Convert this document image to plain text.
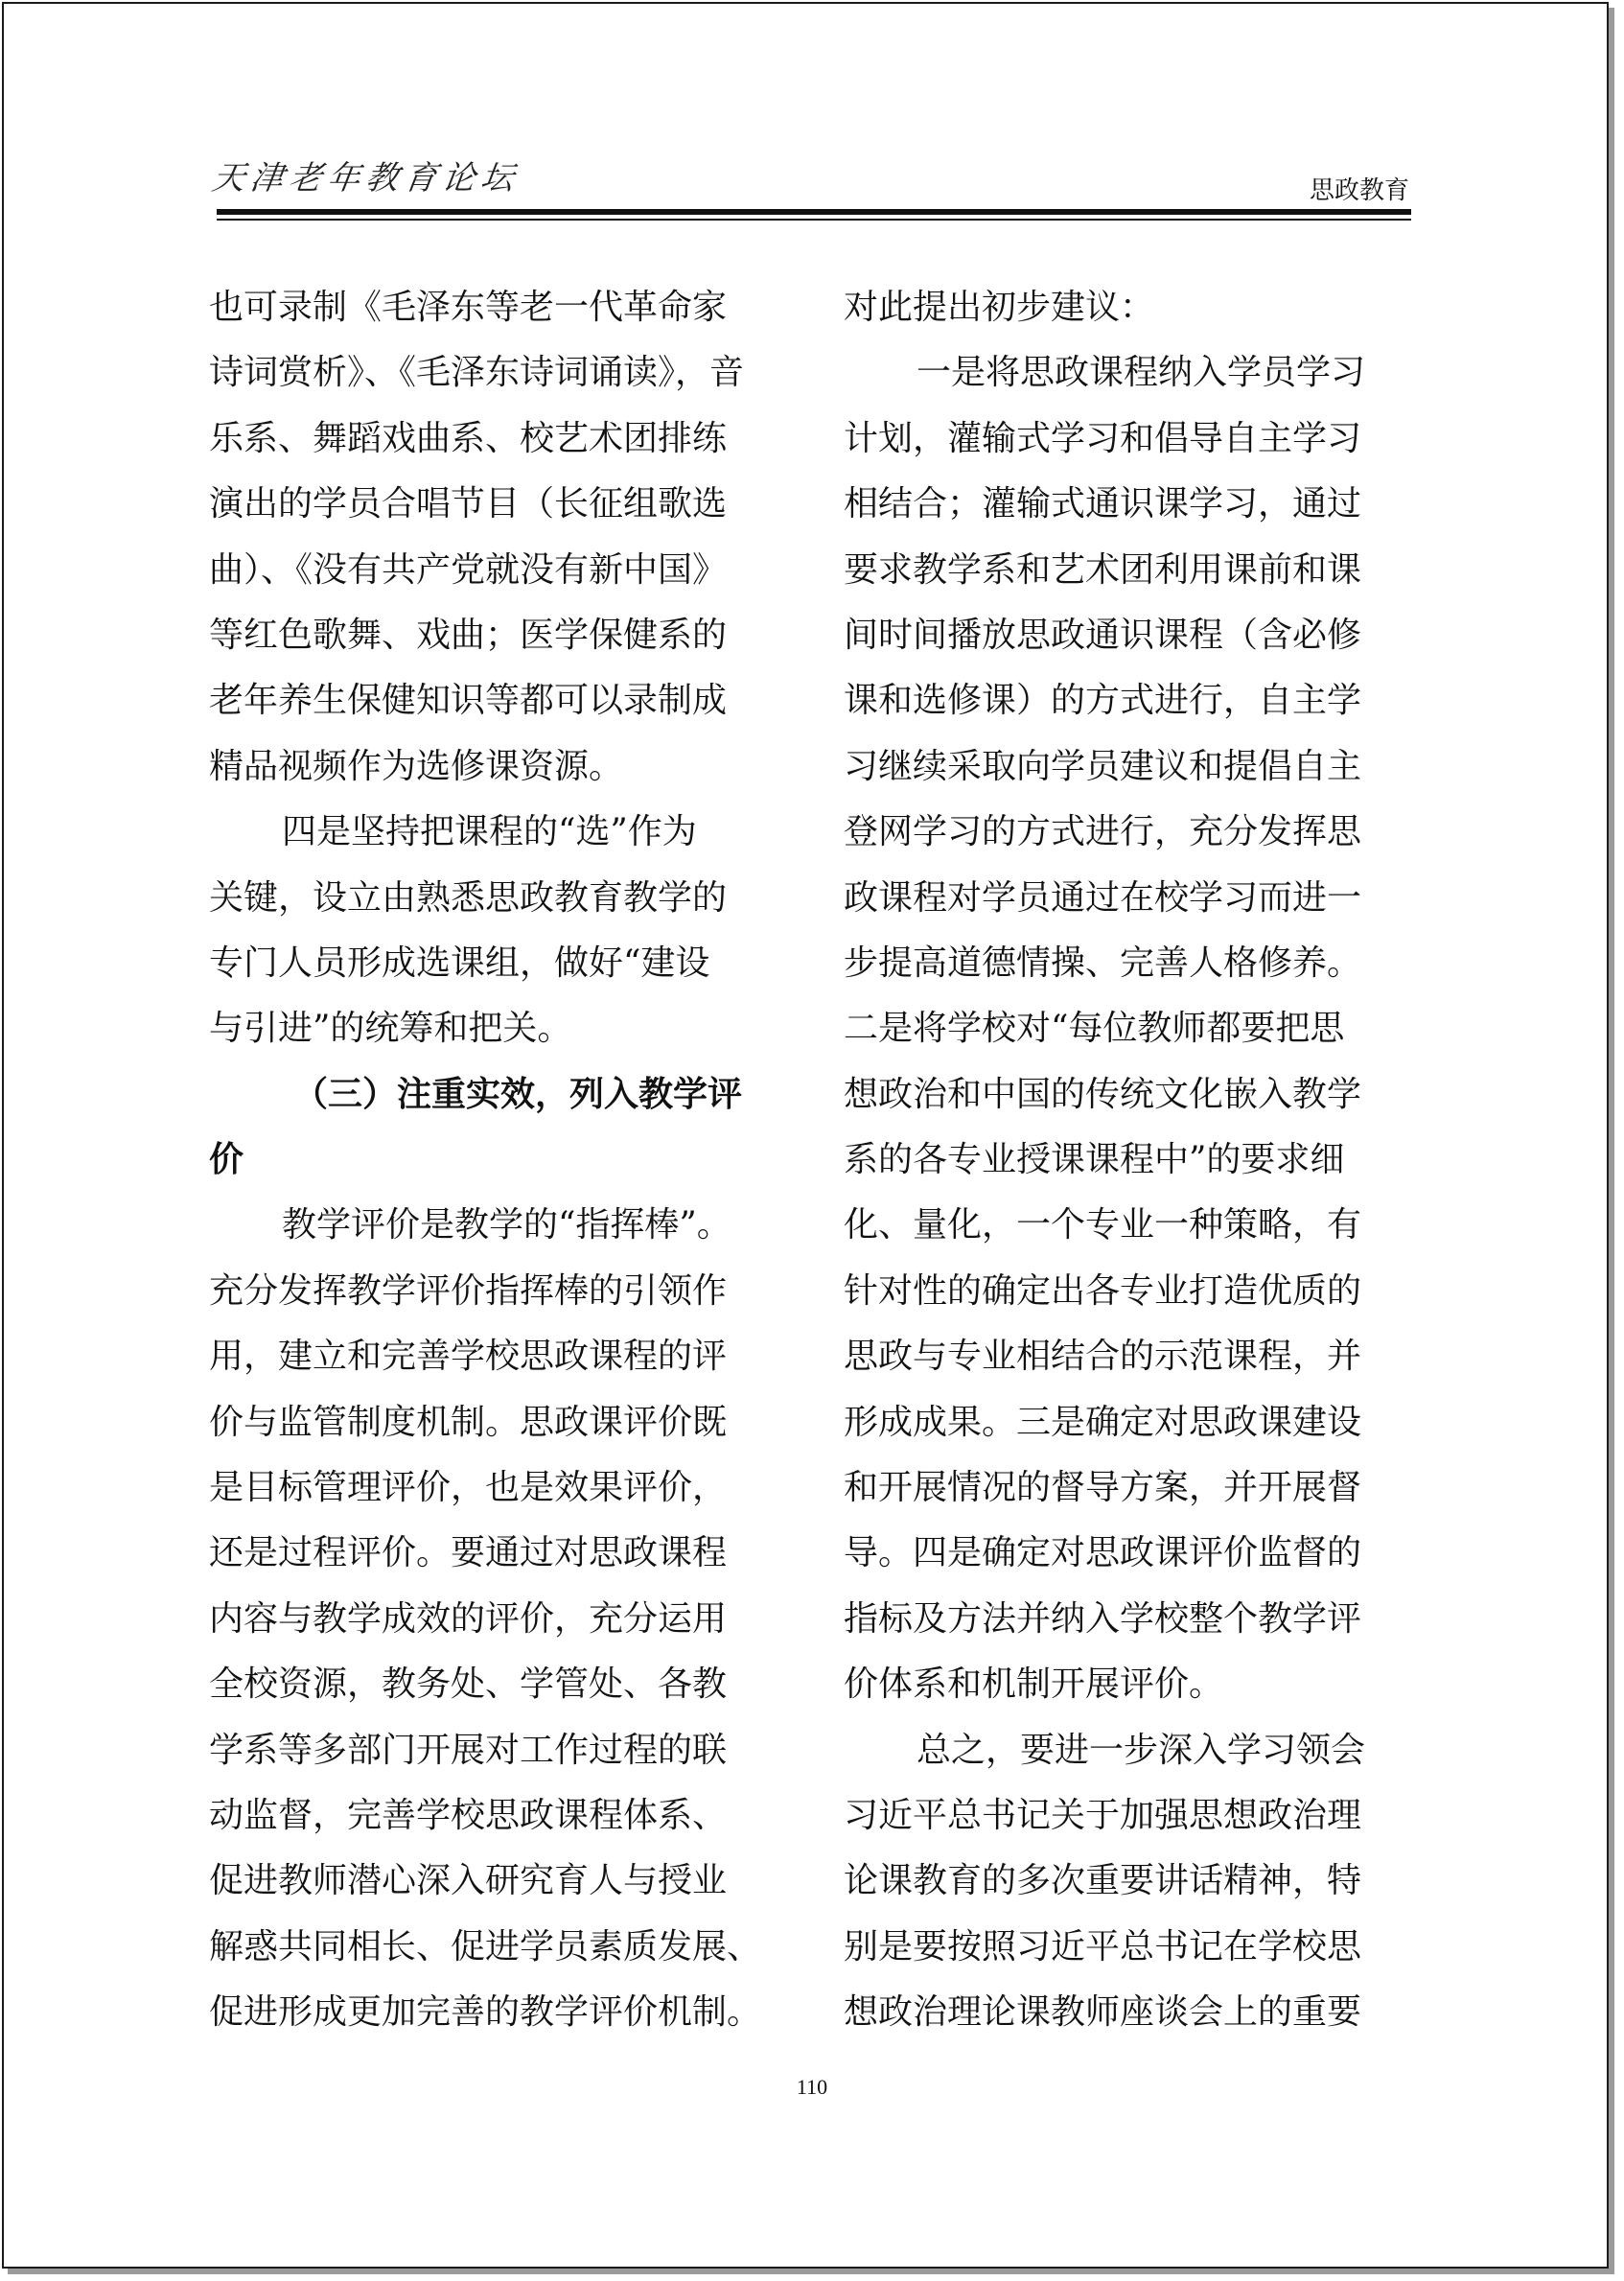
天津老年教育论坛	思政教育
也可录制《毛泽东等老一代革命家
诗词赏析》、《毛泽东诗词诵读》，音
乐系、舞蹈戏曲系、校艺术团排练
演出的学员合唱节目（长征组歌选
曲）、《没有共产党就没有新中国》
等红色歌舞、戏曲；医学保健系的
老年养生保健知识等都可以录制成
精品视频作为选修课资源。
四是坚持把课程的“选”作为
关键，设立由熟悉思政教育教学的
专门人员形成选课组，做好“建设
与引进”的统筹和把关。
（三）注重实效，列入教学评
价
教学评价是教学的“指挥棒”。
充分发挥教学评价指挥棒的引领作
用，建立和完善学校思政课程的评
价与监管制度机制。思政课评价既
是目标管理评价，也是效果评价，
还是过程评价。要通过对思政课程
内容与教学成效的评价，充分运用
全校资源，教务处、学管处、各教
学系等多部门开展对工作过程的联
动监督，完善学校思政课程体系、
促进教师潜心深入研究育人与授业
解惑共同相长、促进学员素质发展、
促进形成更加完善的教学评价机制。
对此提出初步建议：
一是将思政课程纳入学员学习
计划，灌输式学习和倡导自主学习
相结合；灌输式通识课学习，通过
要求教学系和艺术团利用课前和课
间时间播放思政通识课程（含必修
课和选修课）的方式进行，自主学
习继续采取向学员建议和提倡自主
登网学习的方式进行，充分发挥思
政课程对学员通过在校学习而进一
步提高道德情操、完善人格修养。
二是将学校对“每位教师都要把思
想政治和中国的传统文化嵌入教学
系的各专业授课课程中”的要求细
化、量化，一个专业一种策略，有
针对性的确定出各专业打造优质的
思政与专业相结合的示范课程，并
形成成果。三是确定对思政课建设
和开展情况的督导方案，并开展督
导。四是确定对思政课评价监督的
指标及方法并纳入学校整个教学评
价体系和机制开展评价。
总之，要进一步深入学习领会
习近平总书记关于加强思想政治理
论课教育的多次重要讲话精神，特
别是要按照习近平总书记在学校思
想政治理论课教师座谈会上的重要
110
